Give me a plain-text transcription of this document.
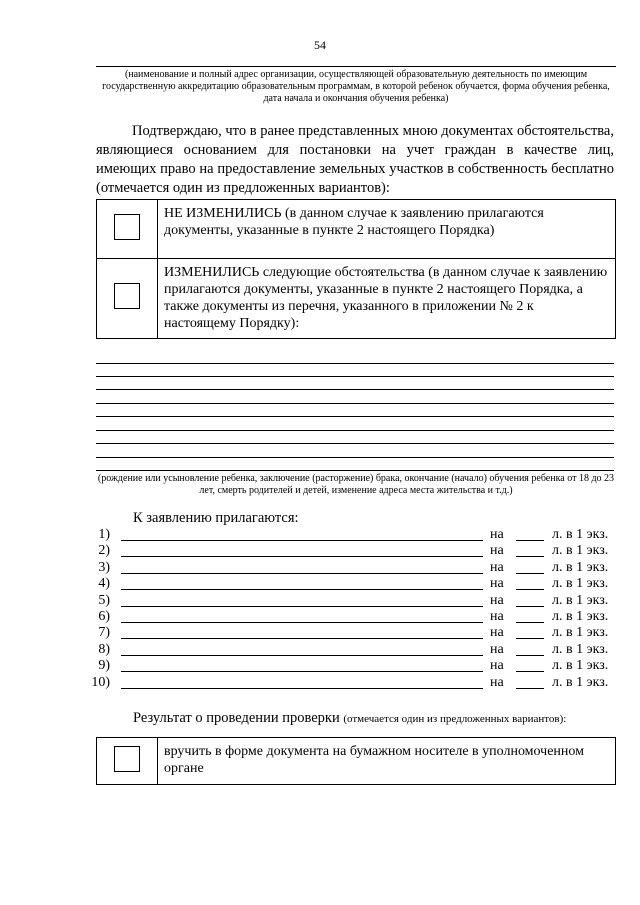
54
(наименование и полный адрес организации, осуществляющей образовательную деятельность по имеющим государственную аккредитацию образовательным программам, в которой ребенок обучается, форма обучения ребенка, дата начала и окончания обучения ребенка)
Подтверждаю, что в ранее представленных мною документах обстоятельства, являющиеся основанием для постановки на учет граждан в качестве лиц, имеющих право на предоставление земельных участков в собственность бесплатно (отмечается один из предложенных вариантов):
	НЕ ИЗМЕНИЛИСЬ (в данном случае к заявлению прилагаются документы, указанные в пункте 2 настоящего Порядка)
	ИЗМЕНИЛИСЬ следующие обстоятельства (в данном случае к заявлению прилагаются документы, указанные в пункте 2 настоящего Порядка, а также документы из перечня, указанного в приложении № 2 к настоящему Порядку):
(рождение или усыновление ребенка, заключение (расторжение) брака, окончание (начало) обучения ребенка от 18 до 23 лет, смерть родителей и детей, изменение адреса места жительства и т.д.)
К заявлению прилагаются:
1)	на	л. в 1 экз.
2)	на	л. в 1 экз.
3)	на	л. в 1 экз.
4)	на	л. в 1 экз.
5)	на	л. в 1 экз.
6)	на	л. в 1 экз.
7)	на	л. в 1 экз.
8)	на	л. в 1 экз.
9)	на	л. в 1 экз.
10)	на	л. в 1 экз.
Результат о проведении проверки (отмечается один из предложенных вариантов):
	вручить в форме документа на бумажном носителе в уполномоченном органе
